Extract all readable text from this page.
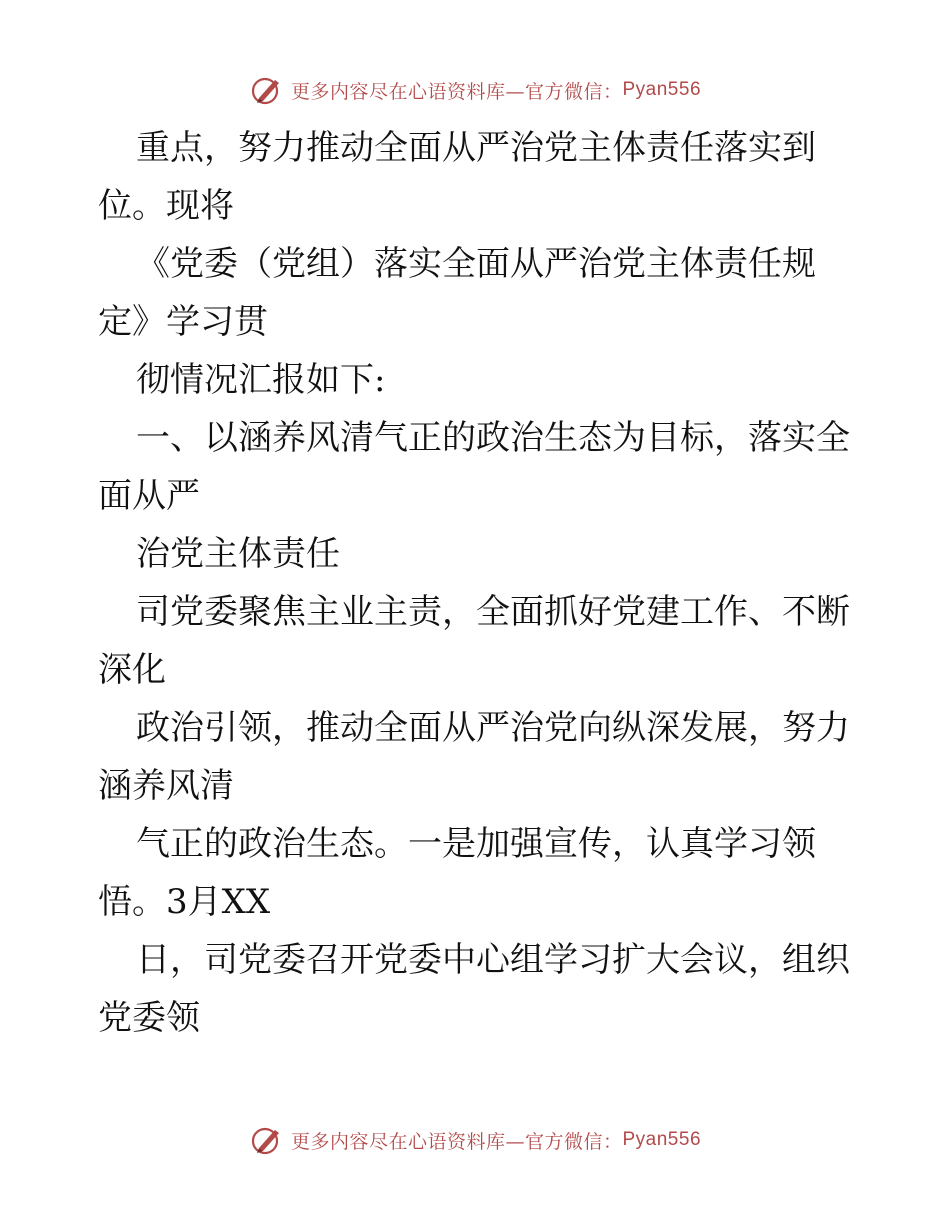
更多内容尽在心语资料库—官方微信： Pyan556

重点，努力推动全面从严治党主体责任落实到

位。现将

《党委（党组）落实全面从严治党主体责任规

定》学习贯

彻情况汇报如下:

一、以涵养风清气正的政治生态为目标，落实全

面从严

治党主体责任

司党委聚焦主业主责，全面抓好党建工作、不断

深化

政治引领，推动全面从严治党向纵深发展，努力

涵养风清

气正的政治生态。一是加强宣传，认真学习领

悟。3月XX

日，司党委召开党委中心组学习扩大会议，组织

党委领

更多内容尽在心语资料库—官方微信： Pyan556
